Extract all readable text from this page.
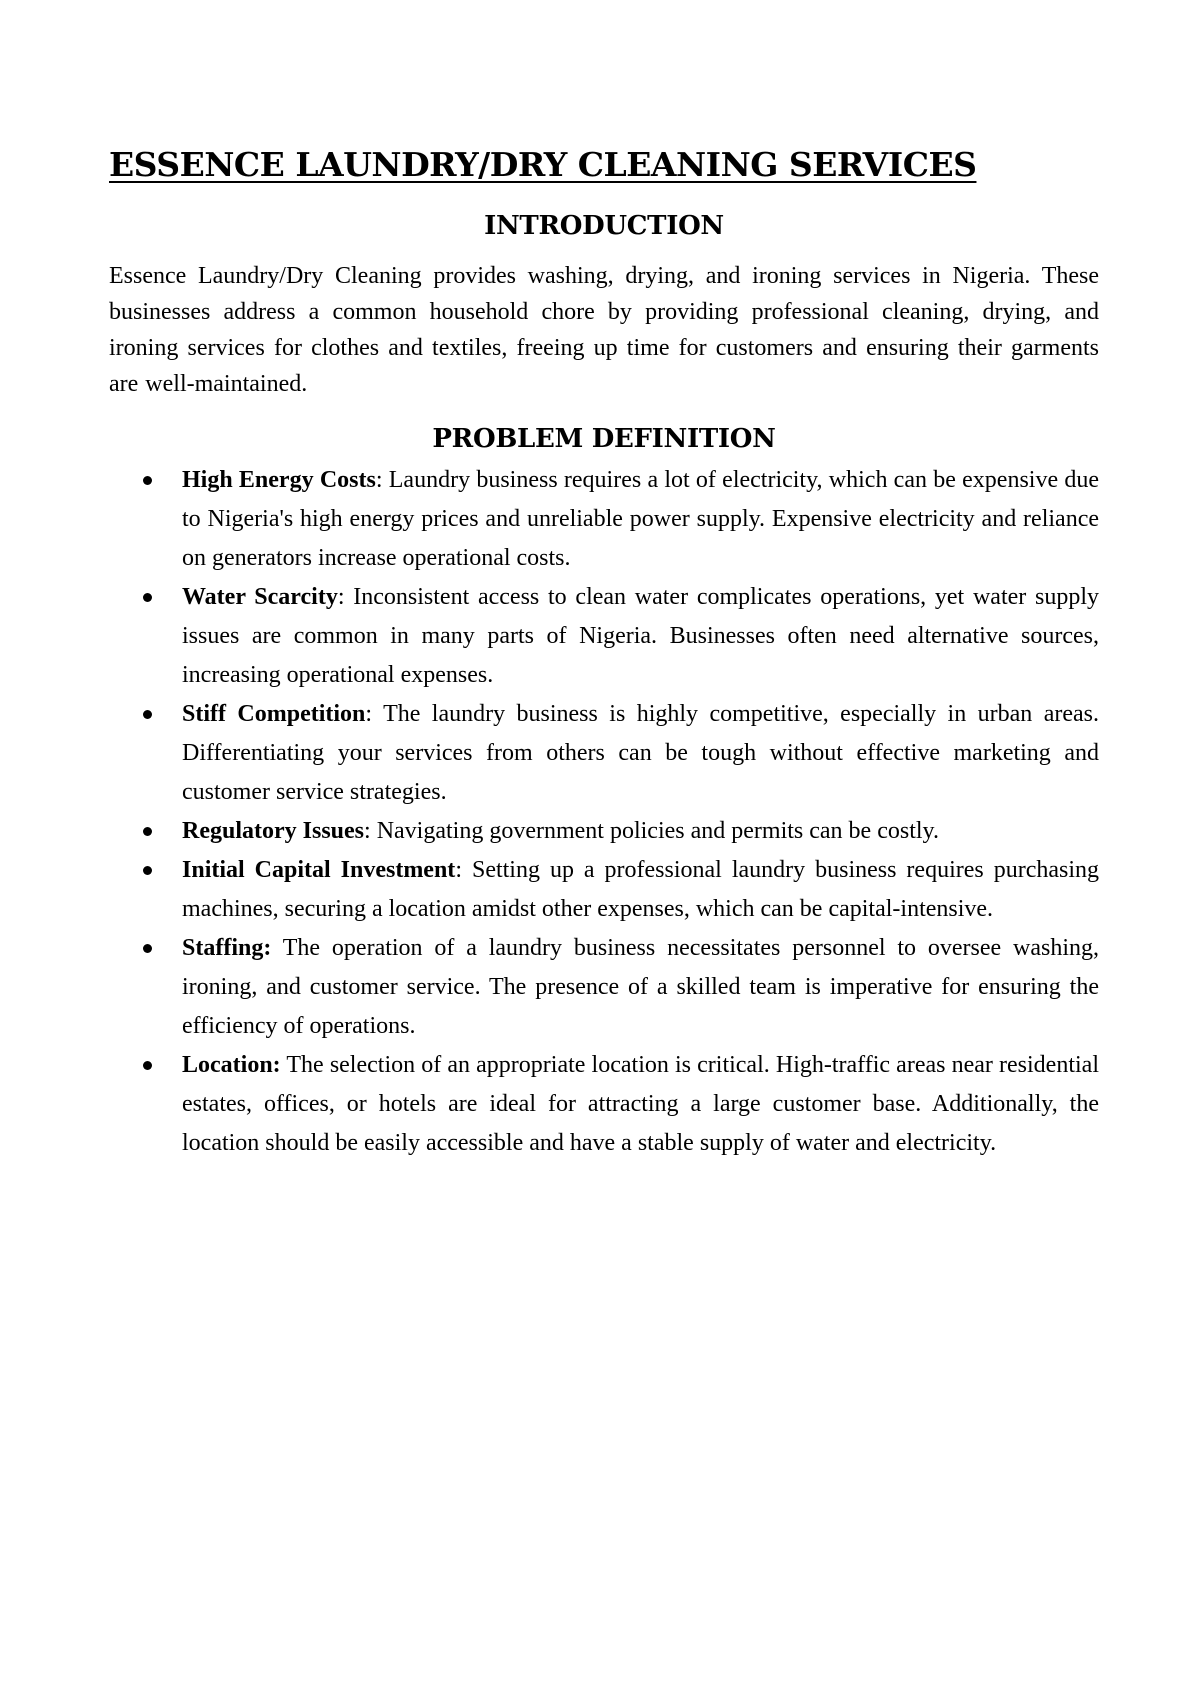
ESSENCE LAUNDRY/DRY CLEANING SERVICES
INTRODUCTION

Essence Laundry/Dry Cleaning provides washing, drying, and ironing services in Nigeria. These businesses address a common household chore by providing professional cleaning, drying, and ironing services for clothes and textiles, freeing up time for customers and ensuring their garments are well-maintained.

PROBLEM DEFINITION
High Energy Costs: Laundry business requires a lot of electricity, which can be expensive due to Nigeria's high energy prices and unreliable power supply. Expensive electricity and reliance on generators increase operational costs.
Water Scarcity: Inconsistent access to clean water complicates operations, yet water supply issues are common in many parts of Nigeria. Businesses often need alternative sources, increasing operational expenses.
Stiff Competition: The laundry business is highly competitive, especially in urban areas. Differentiating your services from others can be tough without effective marketing and customer service strategies.
Regulatory Issues: Navigating government policies and permits can be costly.
Initial Capital Investment: Setting up a professional laundry business requires purchasing machines, securing a location amidst other expenses, which can be capital-intensive.
Staffing: The operation of a laundry business necessitates personnel to oversee washing, ironing, and customer service. The presence of a skilled team is imperative for ensuring the efficiency of operations.
Location: The selection of an appropriate location is critical. High-traffic areas near residential estates, offices, or hotels are ideal for attracting a large customer base. Additionally, the location should be easily accessible and have a stable supply of water and electricity.
